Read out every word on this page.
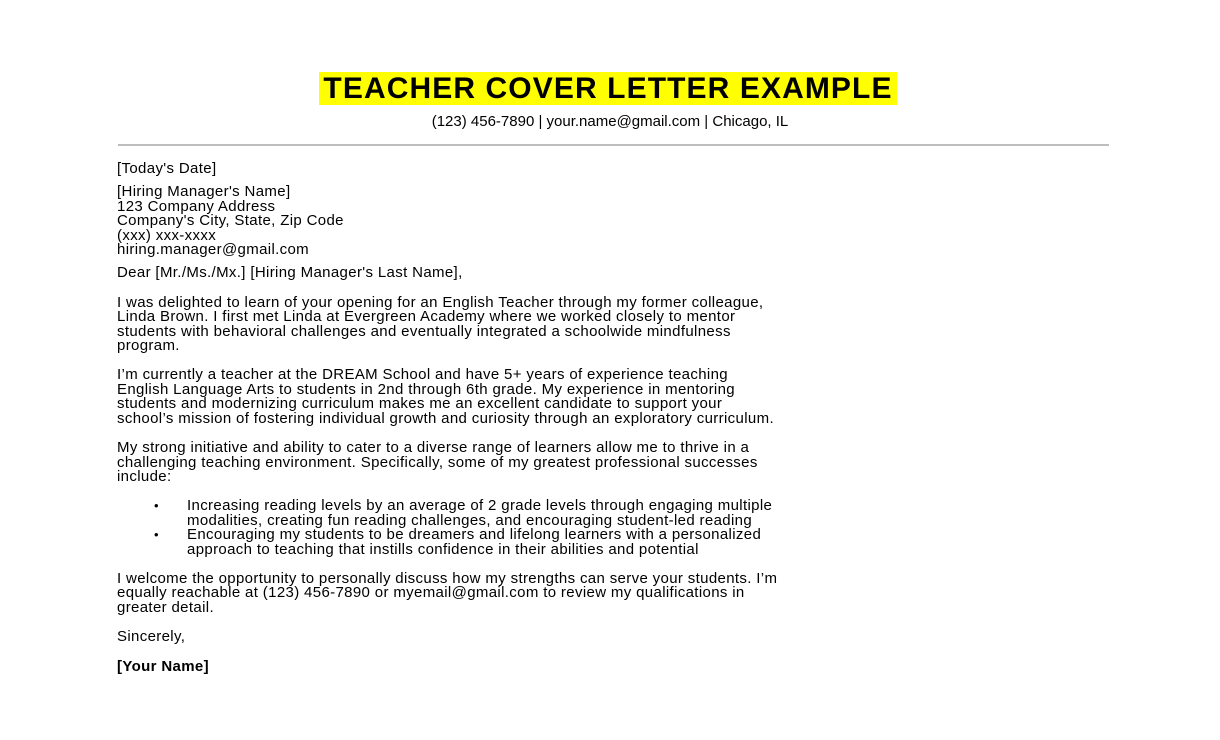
TEACHER COVER LETTER EXAMPLE
(123) 456-7890 | your.name@gmail.com | Chicago, IL

[Today's Date]

[Hiring Manager's Name]
123 Company Address
Company's City, State, Zip Code
(xxx) xxx-xxxx
hiring.manager@gmail.com

Dear [Mr./Ms./Mx.] [Hiring Manager's Last Name],

I was delighted to learn of your opening for an English Teacher through my former colleague,
Linda Brown. I first met Linda at Evergreen Academy where we worked closely to mentor
students with behavioral challenges and eventually integrated a schoolwide mindfulness
program.

I’m currently a teacher at the DREAM School and have 5+ years of experience teaching
English Language Arts to students in 2nd through 6th grade. My experience in mentoring
students and modernizing curriculum makes me an excellent candidate to support your
school’s mission of fostering individual growth and curiosity through an exploratory curriculum.

My strong initiative and ability to cater to a diverse range of learners allow me to thrive in a
challenging teaching environment. Specifically, some of my greatest professional successes
include:

• Increasing reading levels by an average of 2 grade levels through engaging multiple
modalities, creating fun reading challenges, and encouraging student-led reading
• Encouraging my students to be dreamers and lifelong learners with a personalized
approach to teaching that instills confidence in their abilities and potential

I welcome the opportunity to personally discuss how my strengths can serve your students. I’m
equally reachable at (123) 456-7890 or myemail@gmail.com to review my qualifications in
greater detail.

Sincerely,

[Your Name]
